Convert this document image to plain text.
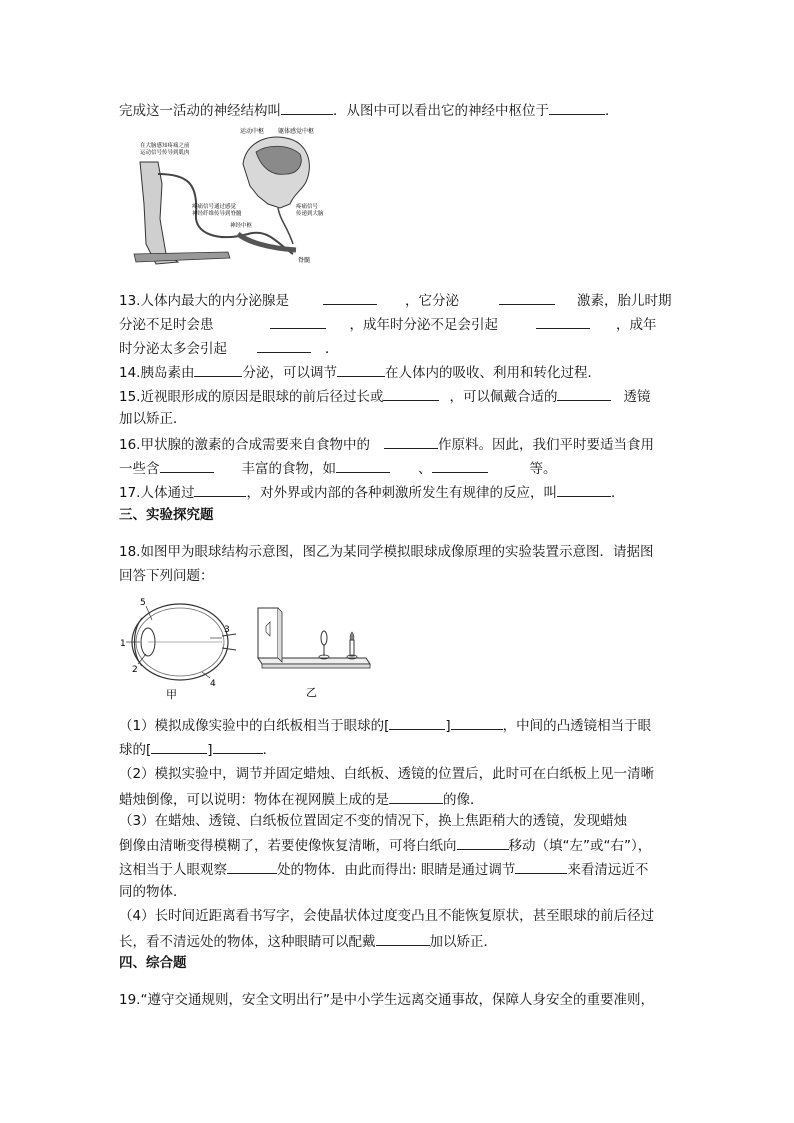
完成这一活动的神经结构叫	．从图中可以看出它的神经中枢位于	．
运动中枢 躯体感觉中枢
在大脑感知疼痛之前
运动信号传导到肌肉
疼痛信号通过感觉
神经纤维传导到脊髓
疼痛信号
传递到大脑
神经中枢
脊髓
13.人体内最大的内分泌腺是	，它分泌	激素，胎儿时期
分泌不足时会患	，成年时分泌不足会引起	，成年
时分泌太多会引起	．
14.胰岛素由	分泌，可以调节	在人体内的吸收、利用和转化过程．
15.近视眼形成的原因是眼球的前后径过长或	，可以佩戴合适的	透镜
加以矫正．
16.甲状腺的激素的合成需要来自食物中的	作原料。因此，我们平时要适当食用
一些含	丰富的食物，如	、	等。
17.人体通过	，对外界或内部的各种刺激所发生有规律的反应，叫	．
三、实验探究题
18.如图甲为眼球结构示意图，图乙为某同学模拟眼球成像原理的实验装置示意图．请据图
回答下列问题：
1
2
3
4
5
甲	乙
（1）模拟成像实验中的白纸板相当于眼球的[	]	，中间的凸透镜相当于眼
球的[	]	．
（2）模拟实验中，调节并固定蜡烛、白纸板、透镜的位置后，此时可在白纸板上见一清晰
蜡烛倒像，可以说明：物体在视网膜上成的是	的像．
（3）在蜡烛、透镜、白纸板位置固定不变的情况下，换上焦距稍大的透镜，发现蜡烛
倒像由清晰变得模糊了，若要使像恢复清晰，可将白纸向	移动（填“左”或“右”），
这相当于人眼观察	处的物体．由此而得出: 眼睛是通过调节	来看清远近不
同的物体．
（4）长时间近距离看书写字，会使晶状体过度变凸且不能恢复原状，甚至眼球的前后径过
长，看不清远处的物体，这种眼睛可以配戴	加以矫正．
四、综合题
19.“遵守交通规则，安全文明出行”是中小学生远离交通事故，保障人身安全的重要准则，
